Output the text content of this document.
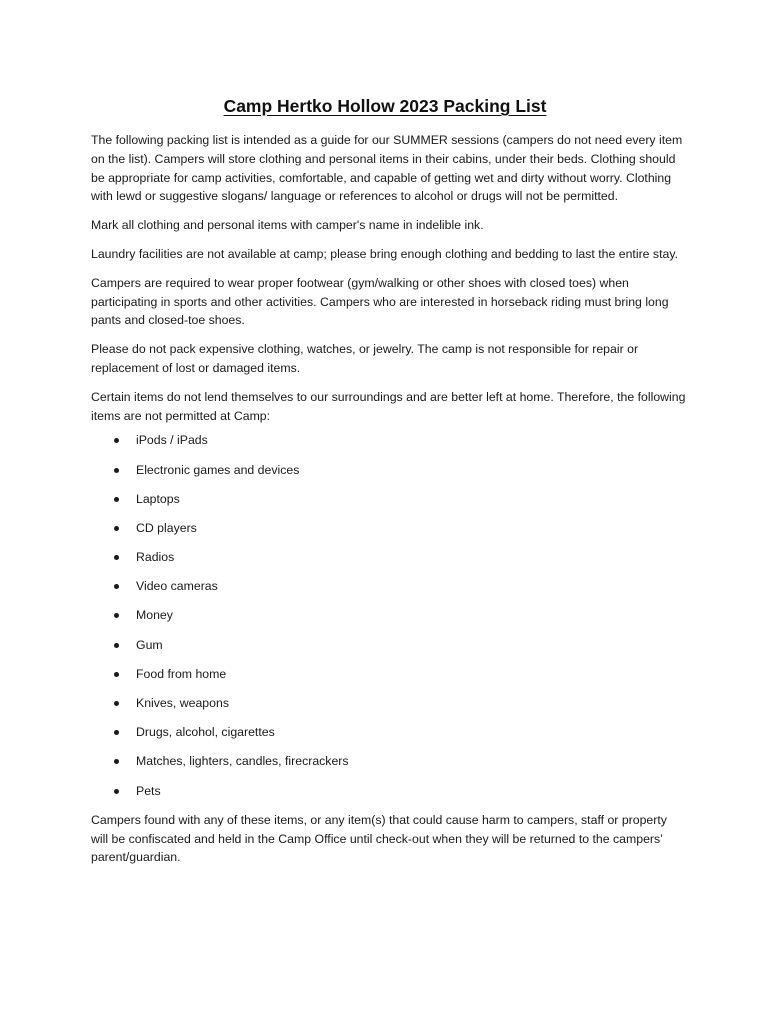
Camp Hertko Hollow 2023 Packing List

The following packing list is intended as a guide for our SUMMER sessions (campers do not need every item on the list). Campers will store clothing and personal items in their cabins, under their beds. Clothing should be appropriate for camp activities, comfortable, and capable of getting wet and dirty without worry. Clothing with lewd or suggestive slogans/ language or references to alcohol or drugs will not be permitted.

Mark all clothing and personal items with camper's name in indelible ink.

Laundry facilities are not available at camp; please bring enough clothing and bedding to last the entire stay.

Campers are required to wear proper footwear (gym/walking or other shoes with closed toes) when participating in sports and other activities. Campers who are interested in horseback riding must bring long pants and closed-toe shoes.

Please do not pack expensive clothing, watches, or jewelry. The camp is not responsible for repair or replacement of lost or damaged items.

Certain items do not lend themselves to our surroundings and are better left at home. Therefore, the following items are not permitted at Camp:

iPods / iPads
Electronic games and devices
Laptops
CD players
Radios
Video cameras
Money
Gum
Food from home
Knives, weapons
Drugs, alcohol, cigarettes
Matches, lighters, candles, firecrackers
Pets

Campers found with any of these items, or any item(s) that could cause harm to campers, staff or property will be confiscated and held in the Camp Office until check-out when they will be returned to the campers’ parent/guardian.
